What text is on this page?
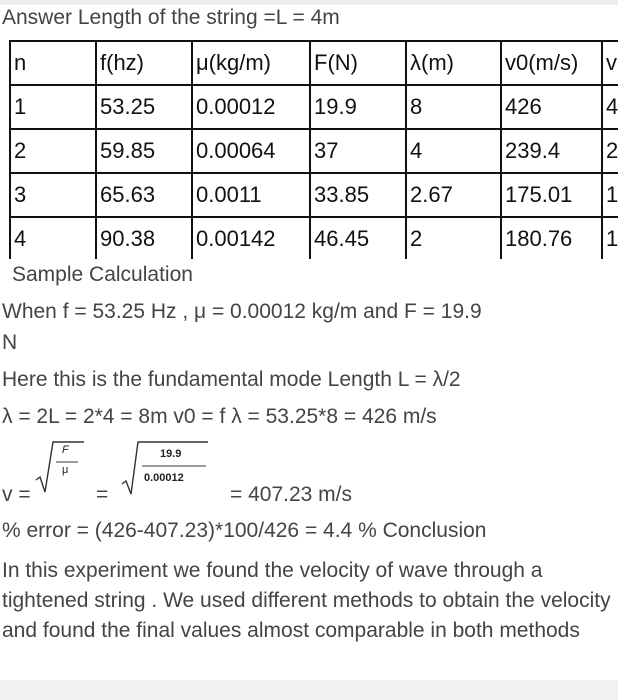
Answer Length of the string =L = 4m
n	f(hz)	μ(kg/m)	F(N)	λ(m)	v0(m/s)	v
1	53.25	0.00012	19.9	8	426	4
2	59.85	0.00064	37	4	239.4	2
3	65.63	0.0011	33.85	2.67	175.01	1
4	90.38	0.00142	46.45	2	180.76	1
Sample Calculation
When f = 53.25 Hz , μ = 0.00012 kg/m and F = 19.9
N
Here this is the fundamental mode Length L = λ/2
λ = 2L = 2*4 = 8m v0 = f λ = 53.25*8 = 426 m/s
v =
F
μ
=
19.9
0.00012
= 407.23 m/s
% error = (426-407.23)*100/426 = 4.4 % Conclusion
In this experiment we found the velocity of wave through a tightened string . We used different methods to obtain the velocity and found the final values almost comparable in both methods
